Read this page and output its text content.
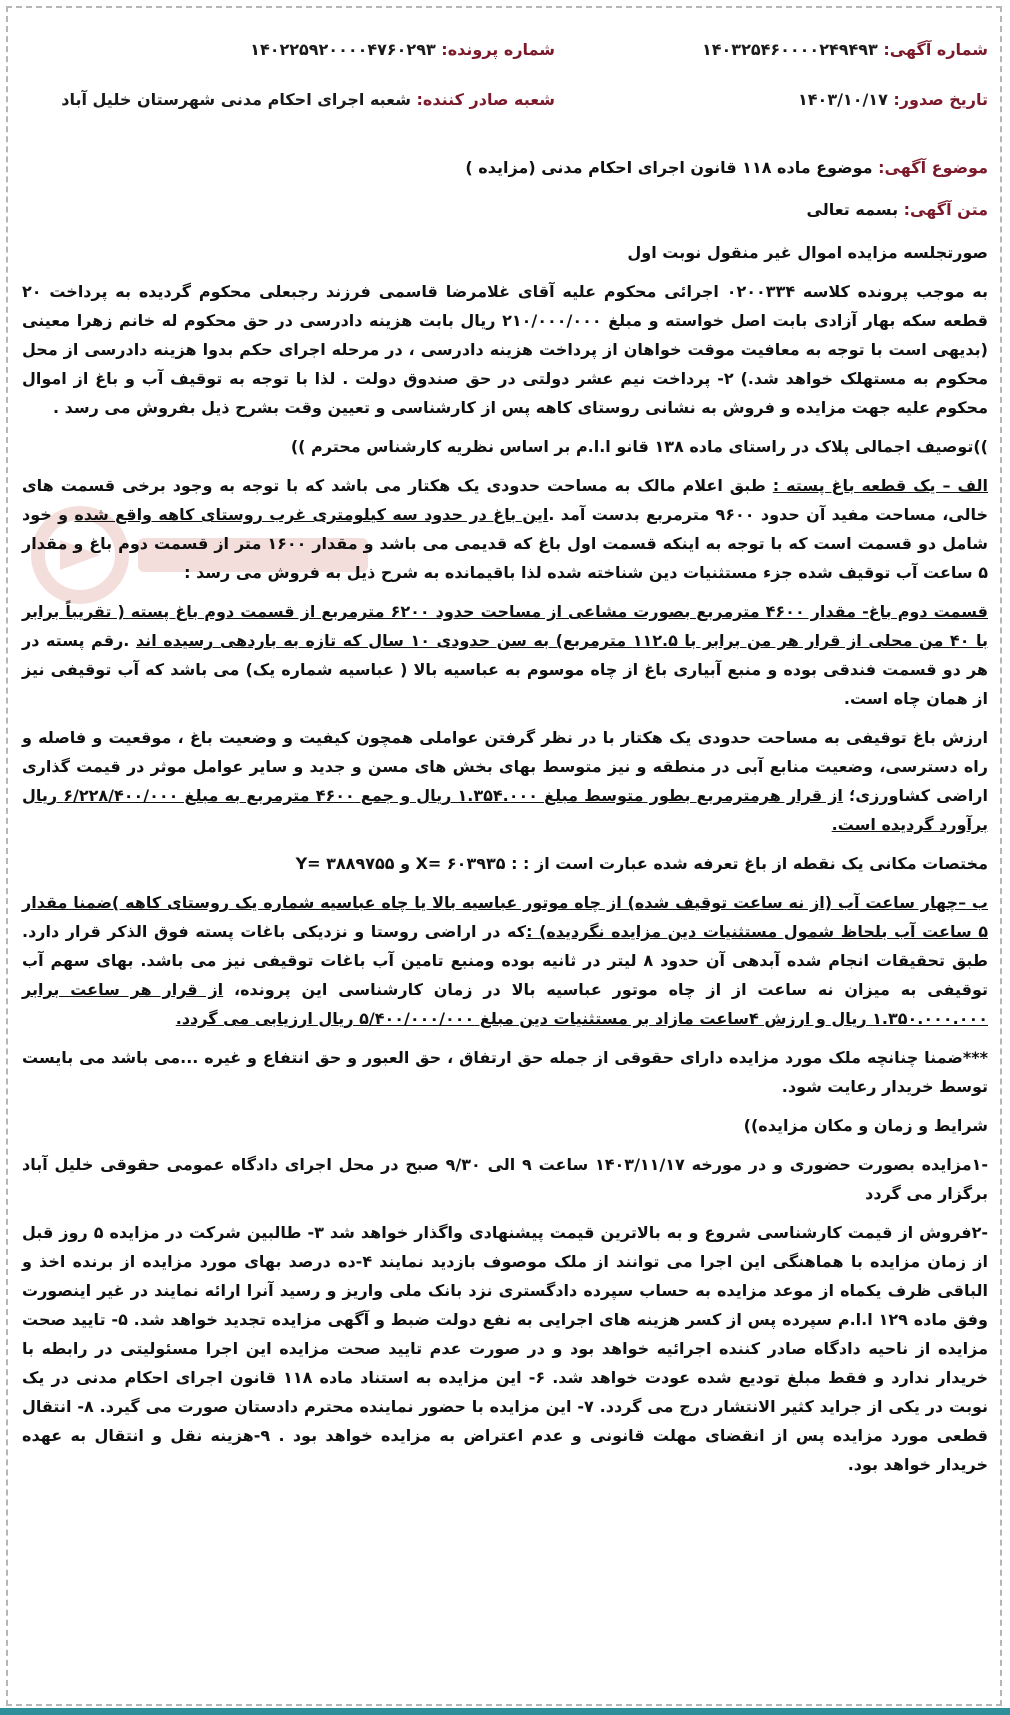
شماره آگهی: ۱۴۰۳۲۵۴۶۰۰۰۰۲۴۹۴۹۳
شماره پرونده: ۱۴۰۲۲۵۹۲۰۰۰۰۴۷۶۰۲۹۳
تاریخ صدور: ۱۴۰۳/۱۰/۱۷
شعبه صادر کننده: شعبه اجرای احکام مدنی شهرستان خلیل آباد
موضوع آگهی: موضوع ماده ۱۱۸ قانون اجرای احکام مدنی (مزایده )
متن آگهی: بسمه تعالی

صورتجلسه مزایده اموال غیر منقول نوبت اول

به موجب پرونده کلاسه ۰۲۰۰۳۳۴ اجرائی محکوم علیه آقای غلامرضا قاسمی فرزند رجبعلی محکوم گردیده به پرداخت ۲۰ قطعه سکه بهار آزادی بابت اصل خواسته و مبلغ ۲۱۰/۰۰۰/۰۰۰ ریال بابت هزینه دادرسی در حق محکوم له خانم زهرا معینی (بدیهی است با توجه به معافیت موقت خواهان از پرداخت هزینه دادرسی ، در مرحله اجرای حکم بدوا هزینه دادرسی از محل محکوم به مستهلک خواهد شد.) ۲- پرداخت نیم عشر دولتی در حق صندوق دولت . لذا با توجه به توقیف آب و باغ از اموال محکوم علیه جهت مزایده و فروش به نشانی روستای کاهه پس از کارشناسی و تعیین وقت بشرح ذیل بفروش می رسد .

))توصیف اجمالی پلاک در راستای ماده ۱۳۸ قانو ا.ا.م بر اساس نظریه کارشناس محترم ))

الف – یک قطعه باغ پسته : طبق اعلام مالک به مساحت حدودی یک هکتار می باشد که با توجه به وجود برخی قسمت های خالی، مساحت مفید آن حدود ۹۶۰۰ مترمربع بدست آمد .این باغ در حدود سه کیلومتری غرب روستای کاهه واقع شده و خود شامل دو قسمت است که با توجه به اینکه قسمت اول باغ که قدیمی می باشد و مقدار ۱۶۰۰ متر از قسمت دوم باغ و مقدار ۵ ساعت آب توقیف شده جزء مستثنیات دین شناخته شده لذا باقیمانده به شرح ذیل به فروش می رسد :

قسمت دوم باغ- مقدار ۴۶۰۰ مترمربع بصورت مشاعی از مساحت حدود ۶۲۰۰ مترمربع از قسمت دوم باغ پسته ( تقریباً برابر با ۴۰ من محلی از قرار هر من برابر با ۱۱۲.۵ مترمربع) به سن حدودی ۱۰ سال که تازه به باردهی رسیده اند .رقم پسته در هر دو قسمت فندقی بوده و منبع آبیاری باغ از چاه موسوم به عباسیه بالا ( عباسیه شماره یک) می باشد که آب توقیفی نیز از همان چاه است.

ارزش باغ توقیفی به مساحت حدودی یک هکتار با در نظر گرفتن عواملی همچون کیفیت و وضعیت باغ ، موقعیت و فاصله و راه دسترسی، وضعیت منابع آبی در منطقه و نیز متوسط بهای بخش های مسن و جدید و سایر عوامل موثر در قیمت گذاری اراضی کشاورزی؛ از قرار هرمترمربع بطور متوسط مبلغ ۱.۳۵۴.۰۰۰ ریال و جمع ۴۶۰۰ مترمربع به مبلغ ۶/۲۲۸/۴۰۰/۰۰۰ ریال برآورد گردیده است.

مختصات مکانی یک نقطه از باغ تعرفه شده عبارت است از : : X= ۶۰۳۹۳۵ و Y= ۳۸۸۹۷۵۵

ب –چهار ساعت آب (از نه ساعت توقیف شده) از چاه موتور عباسیه بالا یا چاه عباسیه شماره یک روستای کاهه )ضمنا مقدار ۵ ساعت آب بلحاظ شمول مستثنیات دین مزایده نگردیده) :که در اراضی روستا و نزدیکی باغات پسته فوق الذکر قرار دارد. طبق تحقیقات انجام شده آبدهی آن حدود ۸ لیتر در ثانیه بوده ومنبع تامین آب باغات توقیفی نیز می باشد. بهای سهم آب توقیفی به میزان نه ساعت از از چاه موتور عباسیه بالا در زمان کارشناسی این پرونده، از قرار هر ساعت برابر ۱.۳۵۰.۰۰۰.۰۰۰ ریال و ارزش ۴ساعت مازاد بر مستثنیات دین مبلغ ۵/۴۰۰/۰۰۰/۰۰۰ ریال ارزیابی می گردد.

***ضمنا چنانچه ملک مورد مزایده دارای حقوقی از جمله حق ارتفاق ، حق العبور و حق انتفاع و غیره ...می باشد می بایست توسط خریدار رعایت شود.

شرایط و زمان و مکان مزایده))

-۱مزایده بصورت حضوری و در مورخه ۱۴۰۳/۱۱/۱۷ ساعت ۹ الی ۹/۳۰ صبح در محل اجرای دادگاه عمومی حقوقی خلیل آباد برگزار می گردد

-۲فروش از قیمت کارشناسی شروع و به بالاترین قیمت پیشنهادی واگذار خواهد شد ۳- طالبین شرکت در مزایده ۵ روز قبل از زمان مزایده با هماهنگی این اجرا می توانند از ملک موصوف بازدید نمایند ۴-ده درصد بهای مورد مزایده از برنده اخذ و الباقی ظرف یکماه از موعد مزایده به حساب سپرده دادگستری نزد بانک ملی واریز و رسید آنرا ارائه نمایند در غیر اینصورت وفق ماده ۱۲۹ ا.ا.م سپرده پس از کسر هزینه های اجرایی به نفع دولت ضبط و آگهی مزایده تجدید خواهد شد. ۵- تایید صحت مزایده از ناحیه دادگاه صادر کننده اجرائیه خواهد بود و در صورت عدم تایید صحت مزایده این اجرا مسئولیتی در رابطه با خریدار ندارد و فقط مبلغ تودیع شده عودت خواهد شد. ۶- این مزایده به استناد ماده ۱۱۸ قانون اجرای احکام مدنی در یک نوبت در یکی از جراید کثیر الانتشار درج می گردد. ۷- این مزایده با حضور نماینده محترم دادستان صورت می گیرد. ۸- انتقال قطعی مورد مزایده پس از انقضای مهلت قانونی و عدم اعتراض به مزایده خواهد بود . ۹-هزینه نقل و انتقال به عهده خریدار خواهد بود.
